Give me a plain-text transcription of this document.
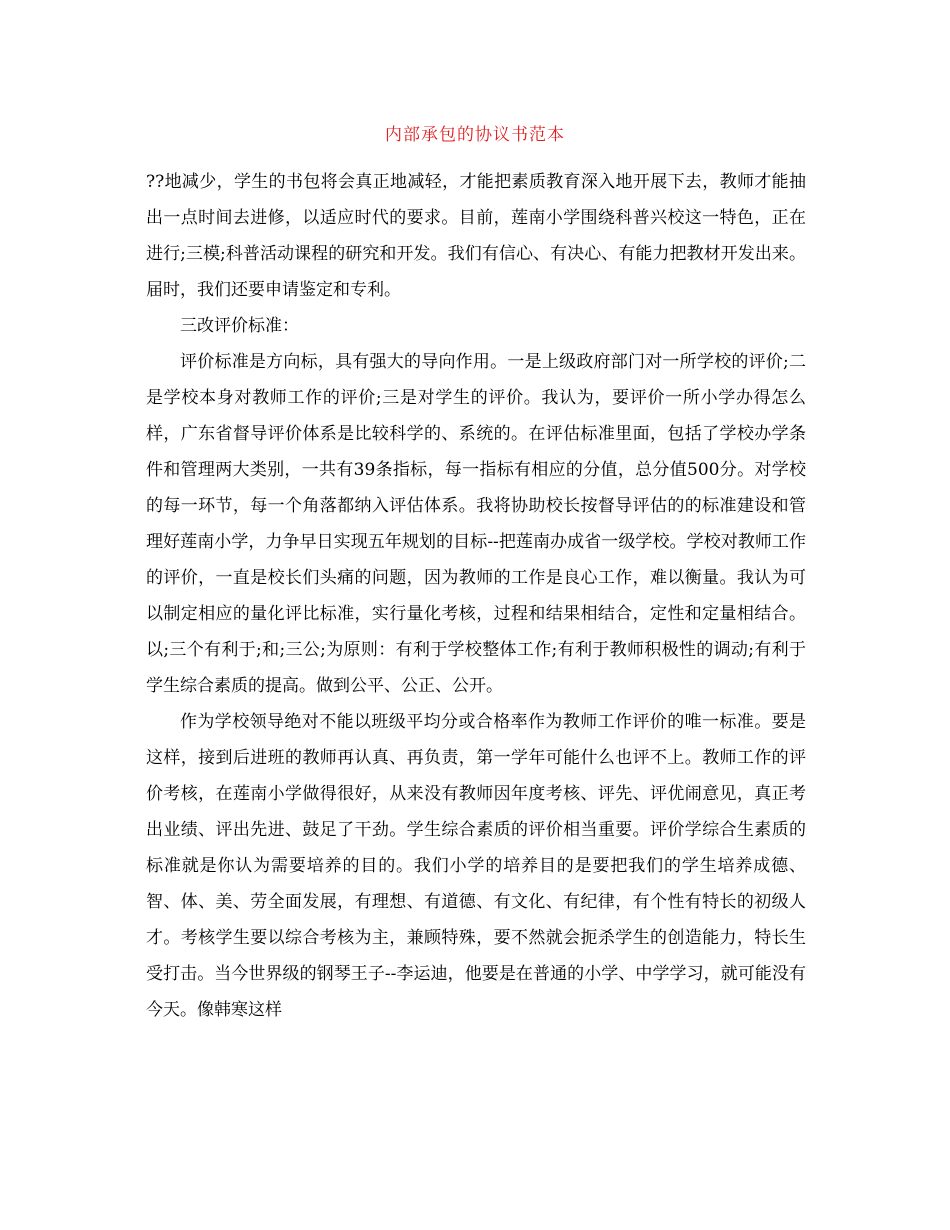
内部承包的协议书范本

??地减少，学生的书包将会真正地减轻，才能把素质教育深入地开展下去，教师才能抽出一点时间去进修，以适应时代的要求。目前，莲南小学围绕科普兴校这一特色，正在进行;三模;科普活动课程的研究和开发。我们有信心、有决心、有能力把教材开发出来。届时，我们还要申请鉴定和专利。

三改评价标准：

评价标准是方向标，具有强大的导向作用。一是上级政府部门对一所学校的评价;二是学校本身对教师工作的评价;三是对学生的评价。我认为，要评价一所小学办得怎么样，广东省督导评价体系是比较科学的、系统的。在评估标准里面，包括了学校办学条件和管理两大类别，一共有39条指标，每一指标有相应的分值，总分值500分。对学校的每一环节，每一个角落都纳入评估体系。我将协助校长按督导评估的的标准建设和管理好莲南小学，力争早日实现五年规划的目标--把莲南办成省一级学校。学校对教师工作的评价，一直是校长们头痛的问题，因为教师的工作是良心工作，难以衡量。我认为可以制定相应的量化评比标准，实行量化考核，过程和结果相结合，定性和定量相结合。以;三个有利于;和;三公;为原则：有利于学校整体工作;有利于教师积极性的调动;有利于学生综合素质的提高。做到公平、公正、公开。

作为学校领导绝对不能以班级平均分或合格率作为教师工作评价的唯一标准。要是这样，接到后进班的教师再认真、再负责，第一学年可能什么也评不上。教师工作的评价考核，在莲南小学做得很好，从来没有教师因年度考核、评先、评优闹意见，真正考出业绩、评出先进、鼓足了干劲。学生综合素质的评价相当重要。评价学综合生素质的标准就是你认为需要培养的目的。我们小学的培养目的是要把我们的学生培养成德、智、体、美、劳全面发展，有理想、有道德、有文化、有纪律，有个性有特长的初级人才。考核学生要以综合考核为主，兼顾特殊，要不然就会扼杀学生的创造能力，特长生受打击。当今世界级的钢琴王子--李运迪，他要是在普通的小学、中学学习，就可能没有今天。像韩寒这样
